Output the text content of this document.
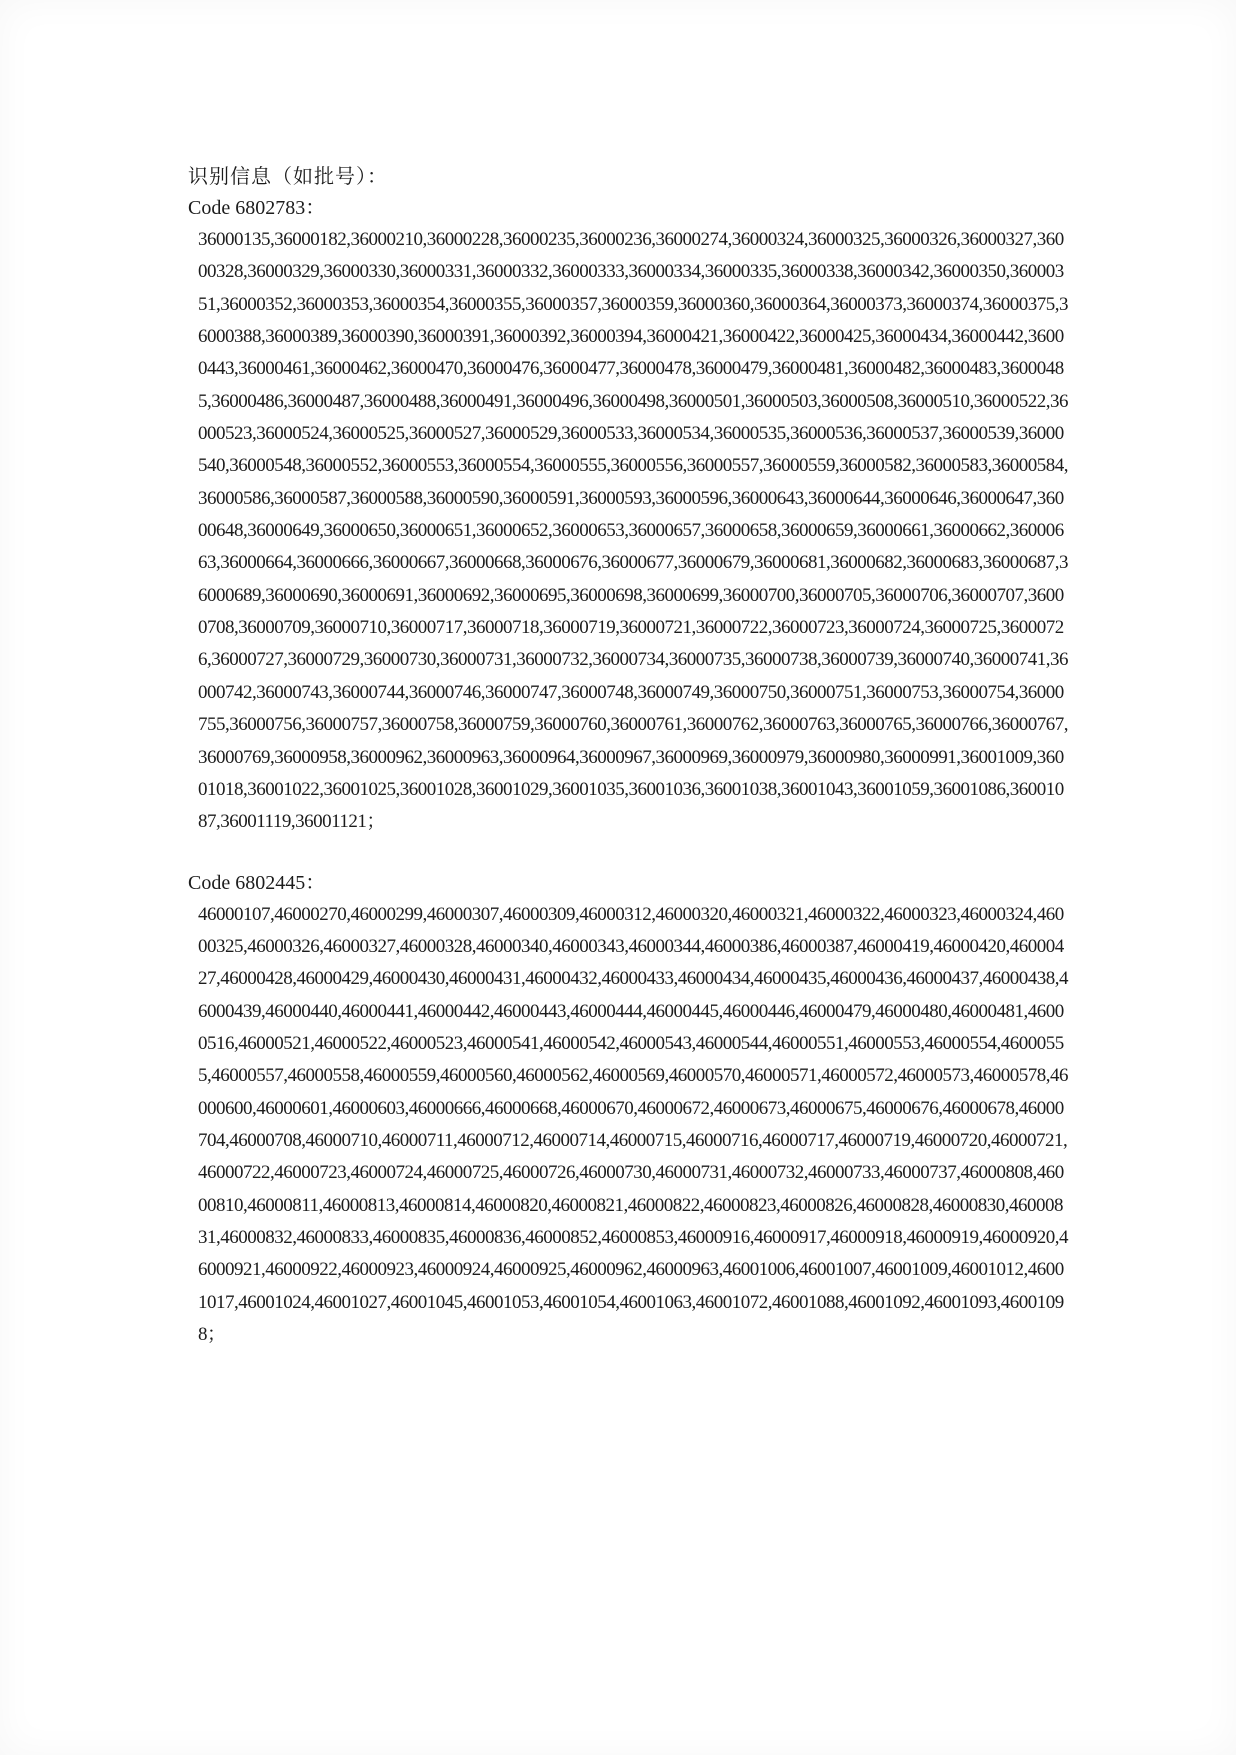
识别信息（如批号）：

Code 6802783：

36000135,36000182,36000210,36000228,36000235,36000236,36000274,36000324,36000325,36000326,36000327,36000328,36000329,36000330,36000331,36000332,36000333,36000334,36000335,36000338,36000342,36000350,36000351,36000352,36000353,36000354,36000355,36000357,36000359,36000360,36000364,36000373,36000374,36000375,36000388,36000389,36000390,36000391,36000392,36000394,36000421,36000422,36000425,36000434,36000442,36000443,36000461,36000462,36000470,36000476,36000477,36000478,36000479,36000481,36000482,36000483,36000485,36000486,36000487,36000488,36000491,36000496,36000498,36000501,36000503,36000508,36000510,36000522,36000523,36000524,36000525,36000527,36000529,36000533,36000534,36000535,36000536,36000537,36000539,36000540,36000548,36000552,36000553,36000554,36000555,36000556,36000557,36000559,36000582,36000583,36000584,36000586,36000587,36000588,36000590,36000591,36000593,36000596,36000643,36000644,36000646,36000647,36000648,36000649,36000650,36000651,36000652,36000653,36000657,36000658,36000659,36000661,36000662,36000663,36000664,36000666,36000667,36000668,36000676,36000677,36000679,36000681,36000682,36000683,36000687,36000689,36000690,36000691,36000692,36000695,36000698,36000699,36000700,36000705,36000706,36000707,36000708,36000709,36000710,36000717,36000718,36000719,36000721,36000722,36000723,36000724,36000725,36000726,36000727,36000729,36000730,36000731,36000732,36000734,36000735,36000738,36000739,36000740,36000741,36000742,36000743,36000744,36000746,36000747,36000748,36000749,36000750,36000751,36000753,36000754,36000755,36000756,36000757,36000758,36000759,36000760,36000761,36000762,36000763,36000765,36000766,36000767,36000769,36000958,36000962,36000963,36000964,36000967,36000969,36000979,36000980,36000991,36001009,36001018,36001022,36001025,36001028,36001029,36001035,36001036,36001038,36001043,36001059,36001086,36001087,36001119,36001121；

Code 6802445：

46000107,46000270,46000299,46000307,46000309,46000312,46000320,46000321,46000322,46000323,46000324,46000325,46000326,46000327,46000328,46000340,46000343,46000344,46000386,46000387,46000419,46000420,46000427,46000428,46000429,46000430,46000431,46000432,46000433,46000434,46000435,46000436,46000437,46000438,46000439,46000440,46000441,46000442,46000443,46000444,46000445,46000446,46000479,46000480,46000481,46000516,46000521,46000522,46000523,46000541,46000542,46000543,46000544,46000551,46000553,46000554,46000555,46000557,46000558,46000559,46000560,46000562,46000569,46000570,46000571,46000572,46000573,46000578,46000600,46000601,46000603,46000666,46000668,46000670,46000672,46000673,46000675,46000676,46000678,46000704,46000708,46000710,46000711,46000712,46000714,46000715,46000716,46000717,46000719,46000720,46000721,46000722,46000723,46000724,46000725,46000726,46000730,46000731,46000732,46000733,46000737,46000808,46000810,46000811,46000813,46000814,46000820,46000821,46000822,46000823,46000826,46000828,46000830,46000831,46000832,46000833,46000835,46000836,46000852,46000853,46000916,46000917,46000918,46000919,46000920,46000921,46000922,46000923,46000924,46000925,46000962,46000963,46001006,46001007,46001009,46001012,46001017,46001024,46001027,46001045,46001053,46001054,46001063,46001072,46001088,46001092,46001093,46001098；
